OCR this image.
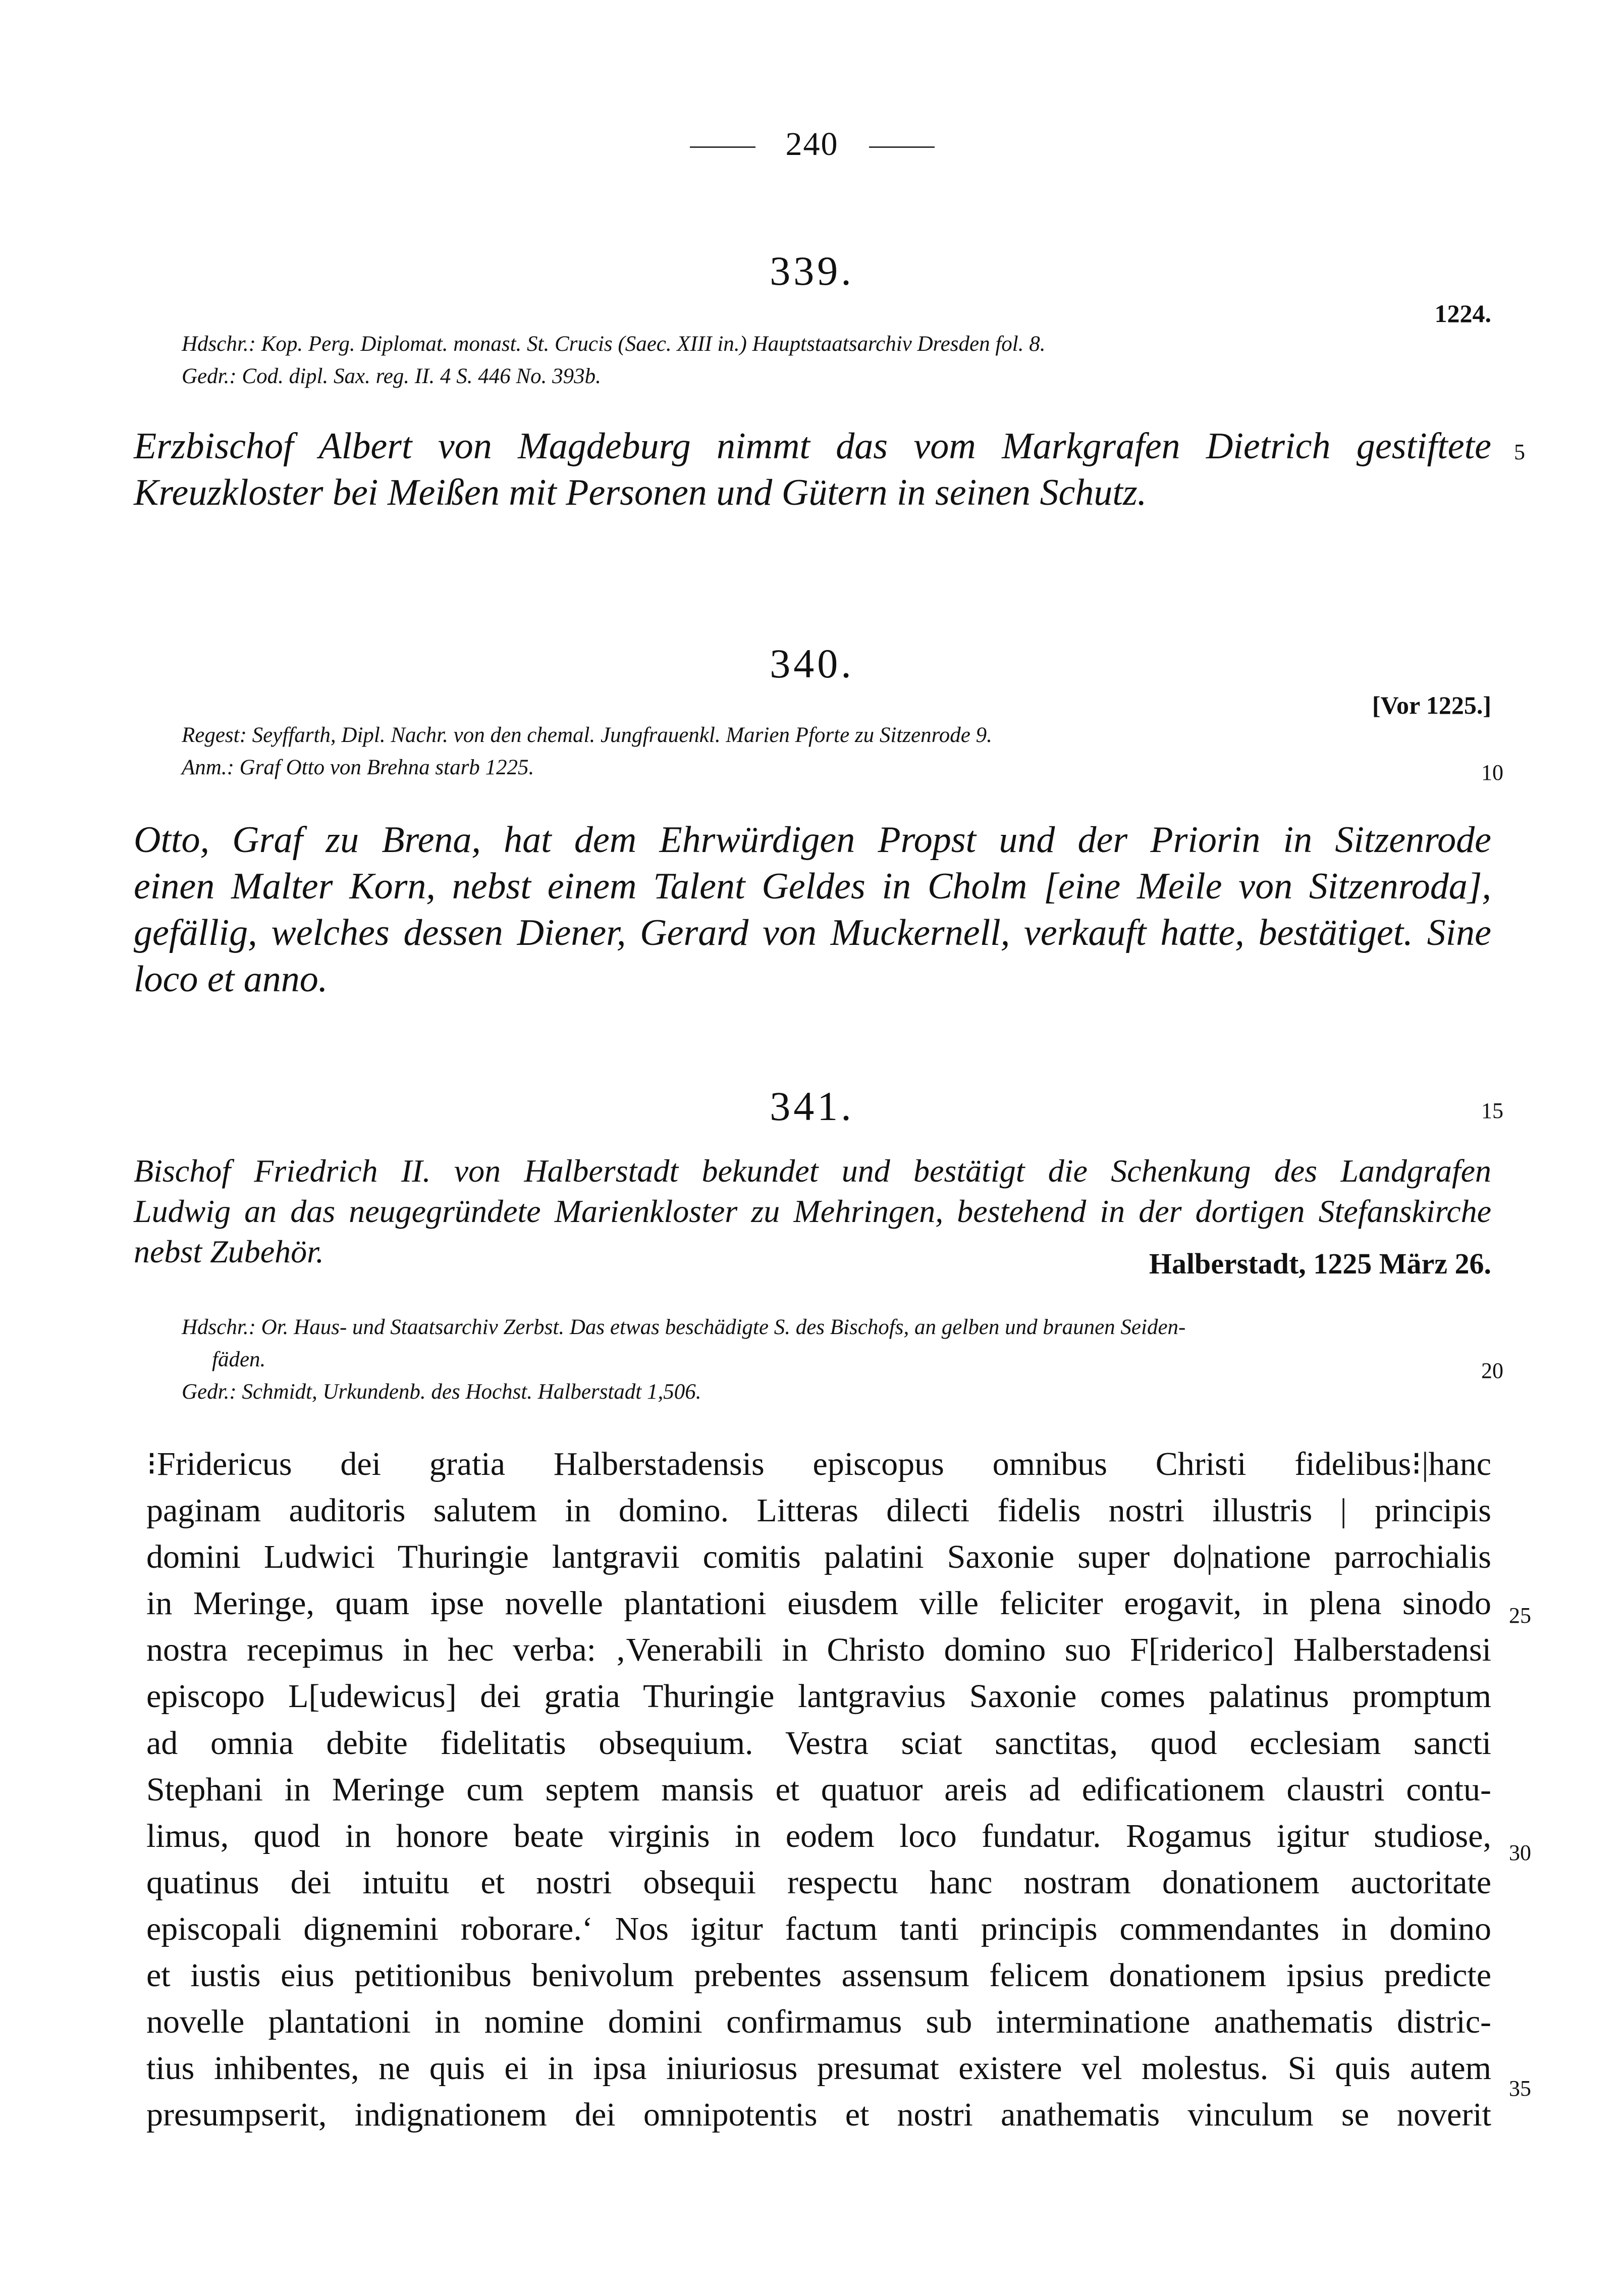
240
339.
1224.
Hdschr.: Kop. Perg. Diplomat. monast. St. Crucis (Saec. XIII in.) Hauptstaatsarchiv Dresden fol. 8.
Gedr.: Cod. dipl. Sax. reg. II. 4 S. 446 No. 393b.
Erzbischof Albert von Magdeburg nimmt das vom Markgrafen Dietrich gestiftete
Kreuzkloster bei Meißen mit Personen und Gütern in seinen Schutz.
340.
[Vor 1225.]
Regest: Seyffarth, Dipl. Nachr. von den chemal. Jungfrauenkl. Marien Pforte zu Sitzenrode 9.
Anm.: Graf Otto von Brehna starb 1225.
Otto, Graf zu Brena, hat dem Ehrwürdigen Propst und der Priorin in Sitzenrode
einen Malter Korn, nebst einem Talent Geldes in Cholm [eine Meile von Sitzenroda],
gefällig, welches dessen Diener, Gerard von Muckernell, verkauft hatte, bestätiget. Sine
loco et anno.
341.
Bischof Friedrich II. von Halberstadt bekundet und bestätigt die Schenkung des Landgrafen
Ludwig an das neugegründete Marienkloster zu Mehringen, bestehend in der dortigen Stefanskirche
nebst Zubehör.	Halberstadt, 1225 März 26.
Hdschr.: Or. Haus- und Staatsarchiv Zerbst. Das etwas beschädigte S. des Bischofs, an gelben und braunen Seiden-
fäden.
Gedr.: Schmidt, Urkundenb. des Hochst. Halberstadt 1,506.
⁝Fridericus dei gratia Halberstadensis episcopus omnibus Christi fidelibus⁝|hanc
paginam auditoris salutem in domino. Litteras dilecti fidelis nostri illustris | principis
domini Ludwici Thuringie lantgravii comitis palatini Saxonie super do|natione parrochialis
in Meringe, quam ipse novelle plantationi eiusdem ville feliciter erogavit, in plena sinodo
nostra recepimus in hec verba: ‚Venerabili in Christo domino suo F[riderico] Halberstadensi
episcopo L[udewicus] dei gratia Thuringie lantgravius Saxonie comes palatinus promptum
ad omnia debite fidelitatis obsequium. Vestra sciat sanctitas, quod ecclesiam sancti
Stephani in Meringe cum septem mansis et quatuor areis ad edificationem claustri contu-
limus, quod in honore beate virginis in eodem loco fundatur. Rogamus igitur studiose,
quatinus dei intuitu et nostri obsequii respectu hanc nostram donationem auctoritate
episcopali dignemini roborare.‘ Nos igitur factum tanti principis commendantes in domino
et iustis eius petitionibus benivolum prebentes assensum felicem donationem ipsius predicte
novelle plantationi in nomine domini confirmamus sub interminatione anathematis distric-
tius inhibentes, ne quis ei in ipsa iniuriosus presumat existere vel molestus. Si quis autem
presumpserit, indignationem dei omnipotentis et nostri anathematis vinculum se noverit
5
10
15
20
25
30
35
